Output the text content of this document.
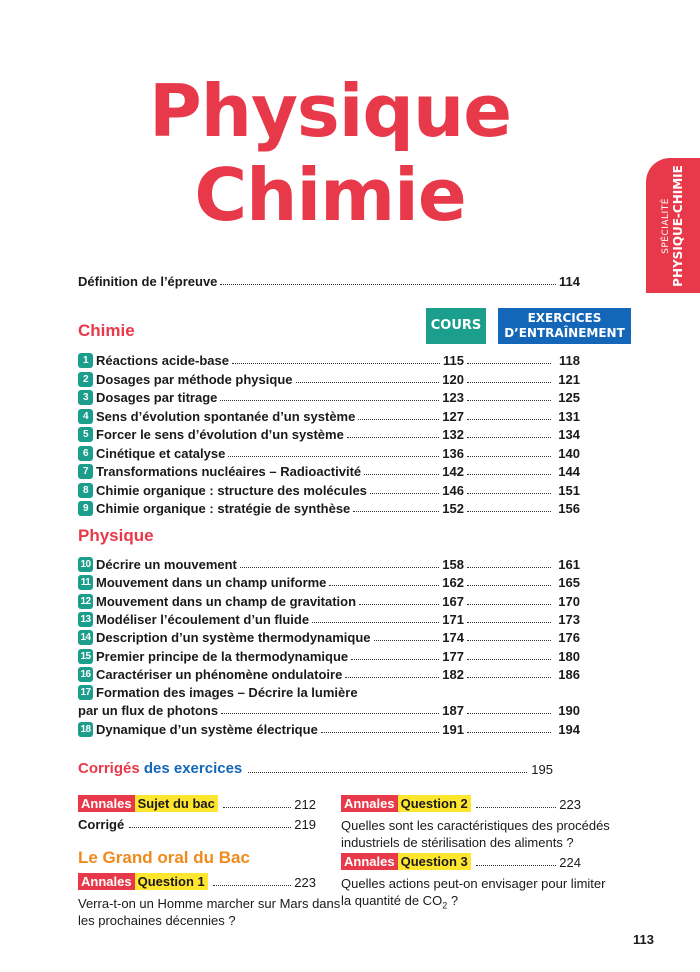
Physique
Chimie	SPÉCIALITÉ PHYSIQUE-CHIMIE
Définition de l’épreuve	114
Chimie	COURS	EXERCICES
D’ENTRAÎNEMENT
1 Réactions acide-base	115	118
2 Dosages par méthode physique	120	121
3 Dosages par titrage	123	125
4 Sens d’évolution spontanée d’un système	127	131
5 Forcer le sens d’évolution d’un système	132	134
6 Cinétique et catalyse	136	140
7 Transformations nucléaires – Radioactivité	142	144
8 Chimie organique : structure des molécules	146	151
9 Chimie organique : stratégie de synthèse	152	156
Physique
10 Décrire un mouvement	158	161
11 Mouvement dans un champ uniforme	162	165
12 Mouvement dans un champ de gravitation	167	170
13 Modéliser l’écoulement d’un fluide	171	173
14 Description d’un système thermodynamique	174	176
15 Premier principe de la thermodynamique	177	180
16 Caractériser un phénomène ondulatoire	182	186
17 Formation des images – Décrire la lumière
par un flux de photons	187	190
18 Dynamique d’un système électrique	191	194
Corrigés
des exercices	195
Annales Sujet du bac	212
Corrigé	219
Le Grand oral du Bac
Annales Question 1	223
Verra-t-on un Homme marcher sur Mars dans
les prochaines décennies ?
Annales Question 2	223
Quelles sont les caractéristiques des procédés
industriels de stérilisation des aliments ?
Annales Question 3	224
Quelles actions peut-on envisager pour limiter
la quantité de $CO_2$ ?
113
